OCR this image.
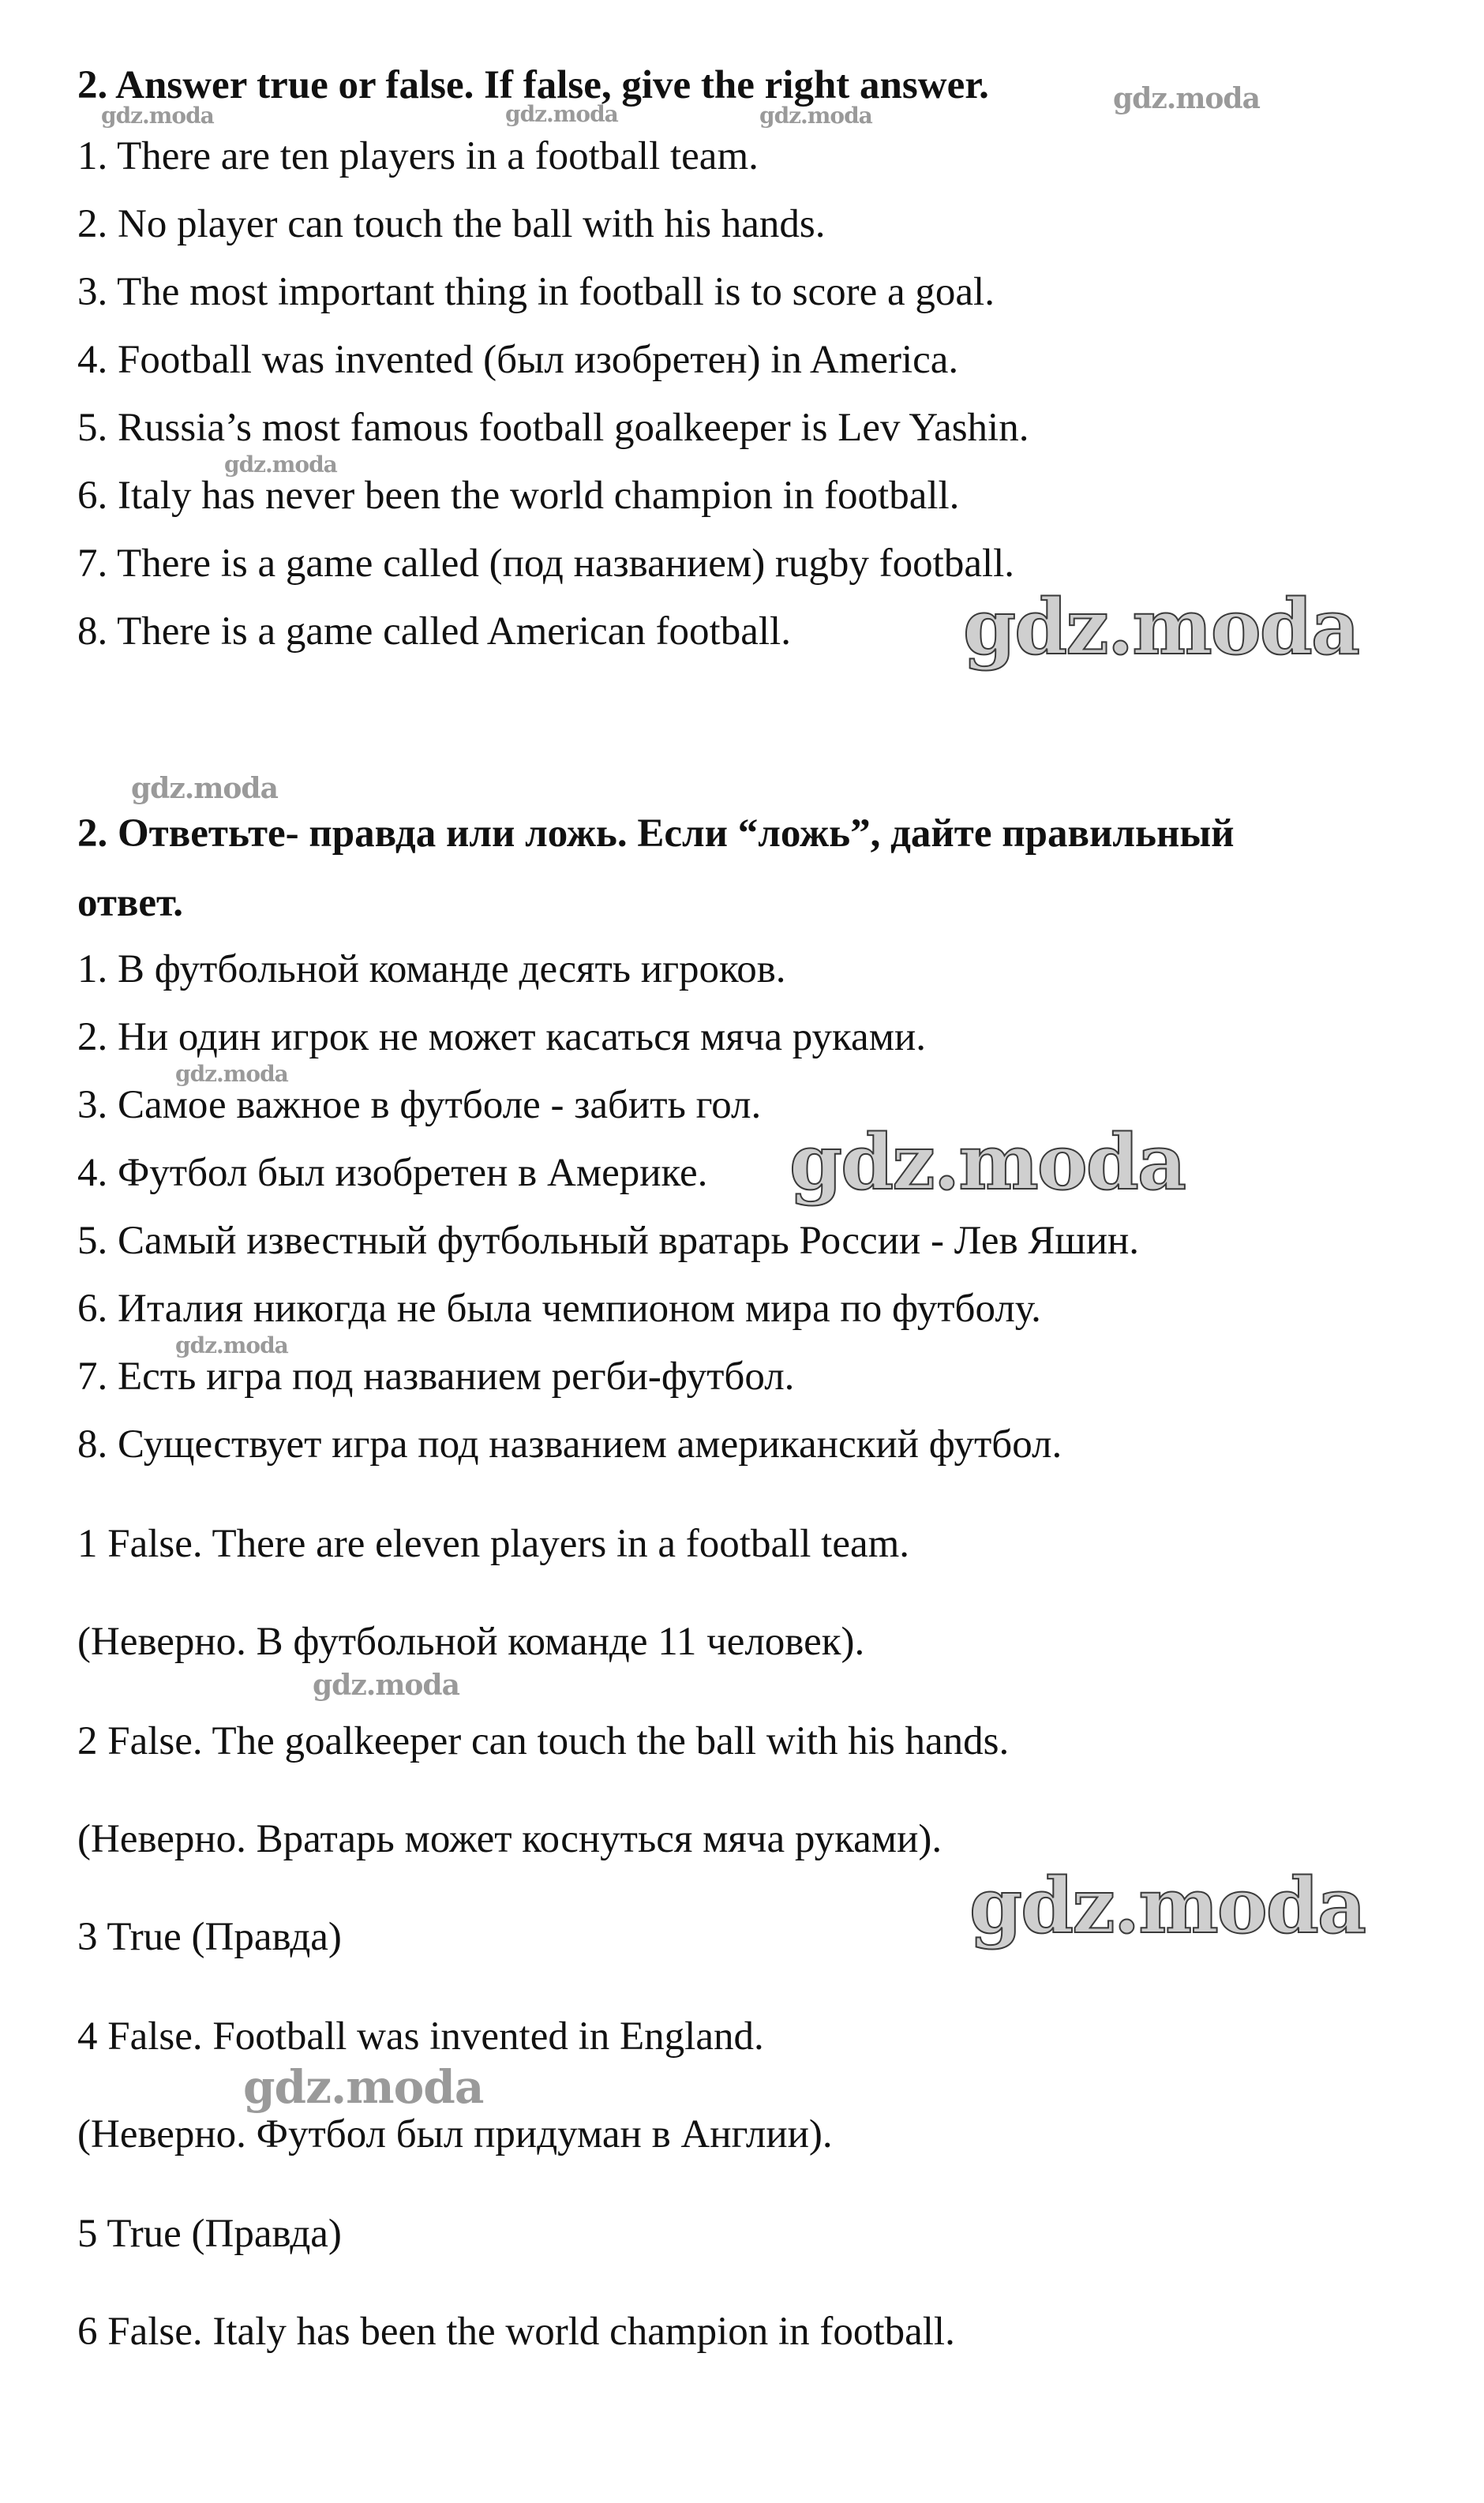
2. Answer true or false. If false, give the right answer.
1. There are ten players in a football team.
2. No player can touch the ball with his hands.
3. The most important thing in football is to score a goal.
4. Football was invented (был изобретен) in America.
5. Russia’s most famous football goalkeeper is Lev Yashin.
6. Italy has never been the world champion in football.
7. There is a game called (под названием) rugby football.
8. There is a game called American football.
2. Ответьте- правда или ложь. Если “ложь”, дайте правильный
ответ.
1. В футбольной команде десять игроков.
2. Ни один игрок не может касаться мяча руками.
3. Самое важное в футболе - забить гол.
4. Футбол был изобретен в Америке.
5. Самый известный футбольный вратарь России - Лев Яшин.
6. Италия никогда не была чемпионом мира по футболу.
7. Есть игра под названием регби-футбол.
8. Существует игра под названием американский футбол.
1 False. There are eleven players in a football team.
(Неверно. В футбольной команде 11 человек).
2 False. The goalkeeper can touch the ball with his hands.
(Неверно. Вратарь может коснуться мяча руками).
3 True (Правда)
4 False. Football was invented in England.
(Неверно. Футбол был придуман в Англии).
5 True (Правда)
6 False. Italy has been the world champion in football.
gdz.moda
gdz.moda	gdz.moda	gdz.moda
gdz.moda
gdz.moda
gdz.moda
gdz.moda
gdz.moda
gdz.moda
gdz.moda
gdz.moda
gdz.moda
